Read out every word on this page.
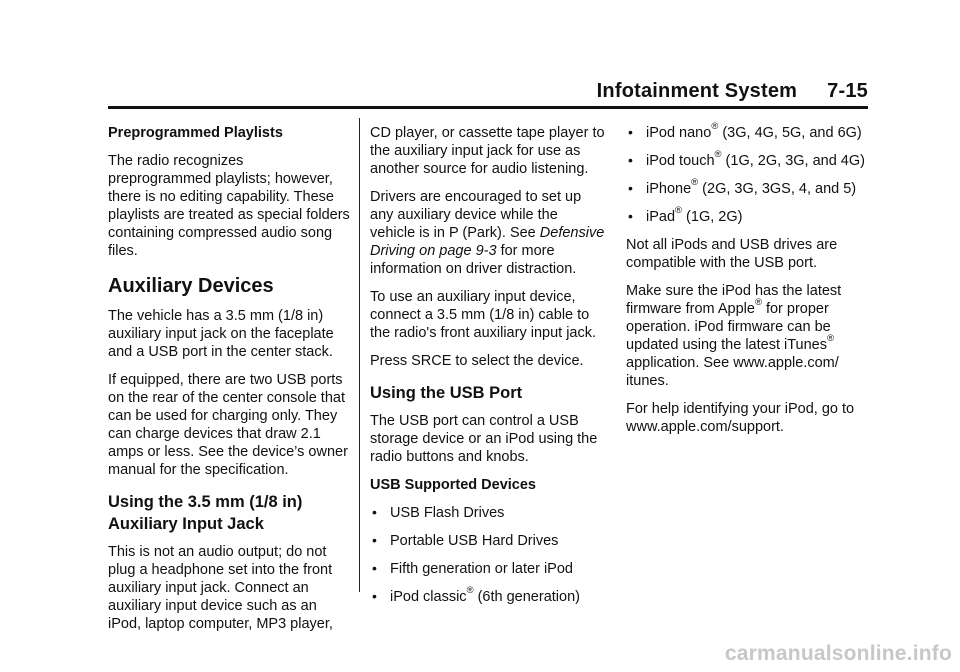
Infotainment System 7-15

Preprogrammed Playlists

The radio recognizes preprogrammed playlists; however, there is no editing capability. These playlists are treated as special folders containing compressed audio song files.

Auxiliary Devices

The vehicle has a 3.5 mm (1/8 in) auxiliary input jack on the faceplate and a USB port in the center stack.

If equipped, there are two USB ports on the rear of the center console that can be used for charging only. They can charge devices that draw 2.1 amps or less. See the device’s owner manual for the specification.

Using the 3.5 mm (1/8 in) Auxiliary Input Jack

This is not an audio output; do not plug a headphone set into the front auxiliary input jack. Connect an auxiliary input device such as an iPod, laptop computer, MP3 player,

CD player, or cassette tape player to the auxiliary input jack for use as another source for audio listening.

Drivers are encouraged to set up any auxiliary device while the vehicle is in P (Park). See Defensive Driving on page 9-3 for more information on driver distraction.

To use an auxiliary input device, connect a 3.5 mm (1/8 in) cable to the radio's front auxiliary input jack.

Press SRCE to select the device.

Using the USB Port

The USB port can control a USB storage device or an iPod using the radio buttons and knobs.

USB Supported Devices

• USB Flash Drives
• Portable USB Hard Drives
• Fifth generation or later iPod
• iPod classic® (6th generation)
• iPod nano® (3G, 4G, 5G, and 6G)
• iPod touch® (1G, 2G, 3G, and 4G)
• iPhone® (2G, 3G, 3GS, 4, and 5)
• iPad® (1G, 2G)

Not all iPods and USB drives are compatible with the USB port.

Make sure the iPod has the latest firmware from Apple® for proper operation. iPod firmware can be updated using the latest iTunes® application. See www.apple.com/ itunes.

For help identifying your iPod, go to www.apple.com/support.

carmanualsonline.info
